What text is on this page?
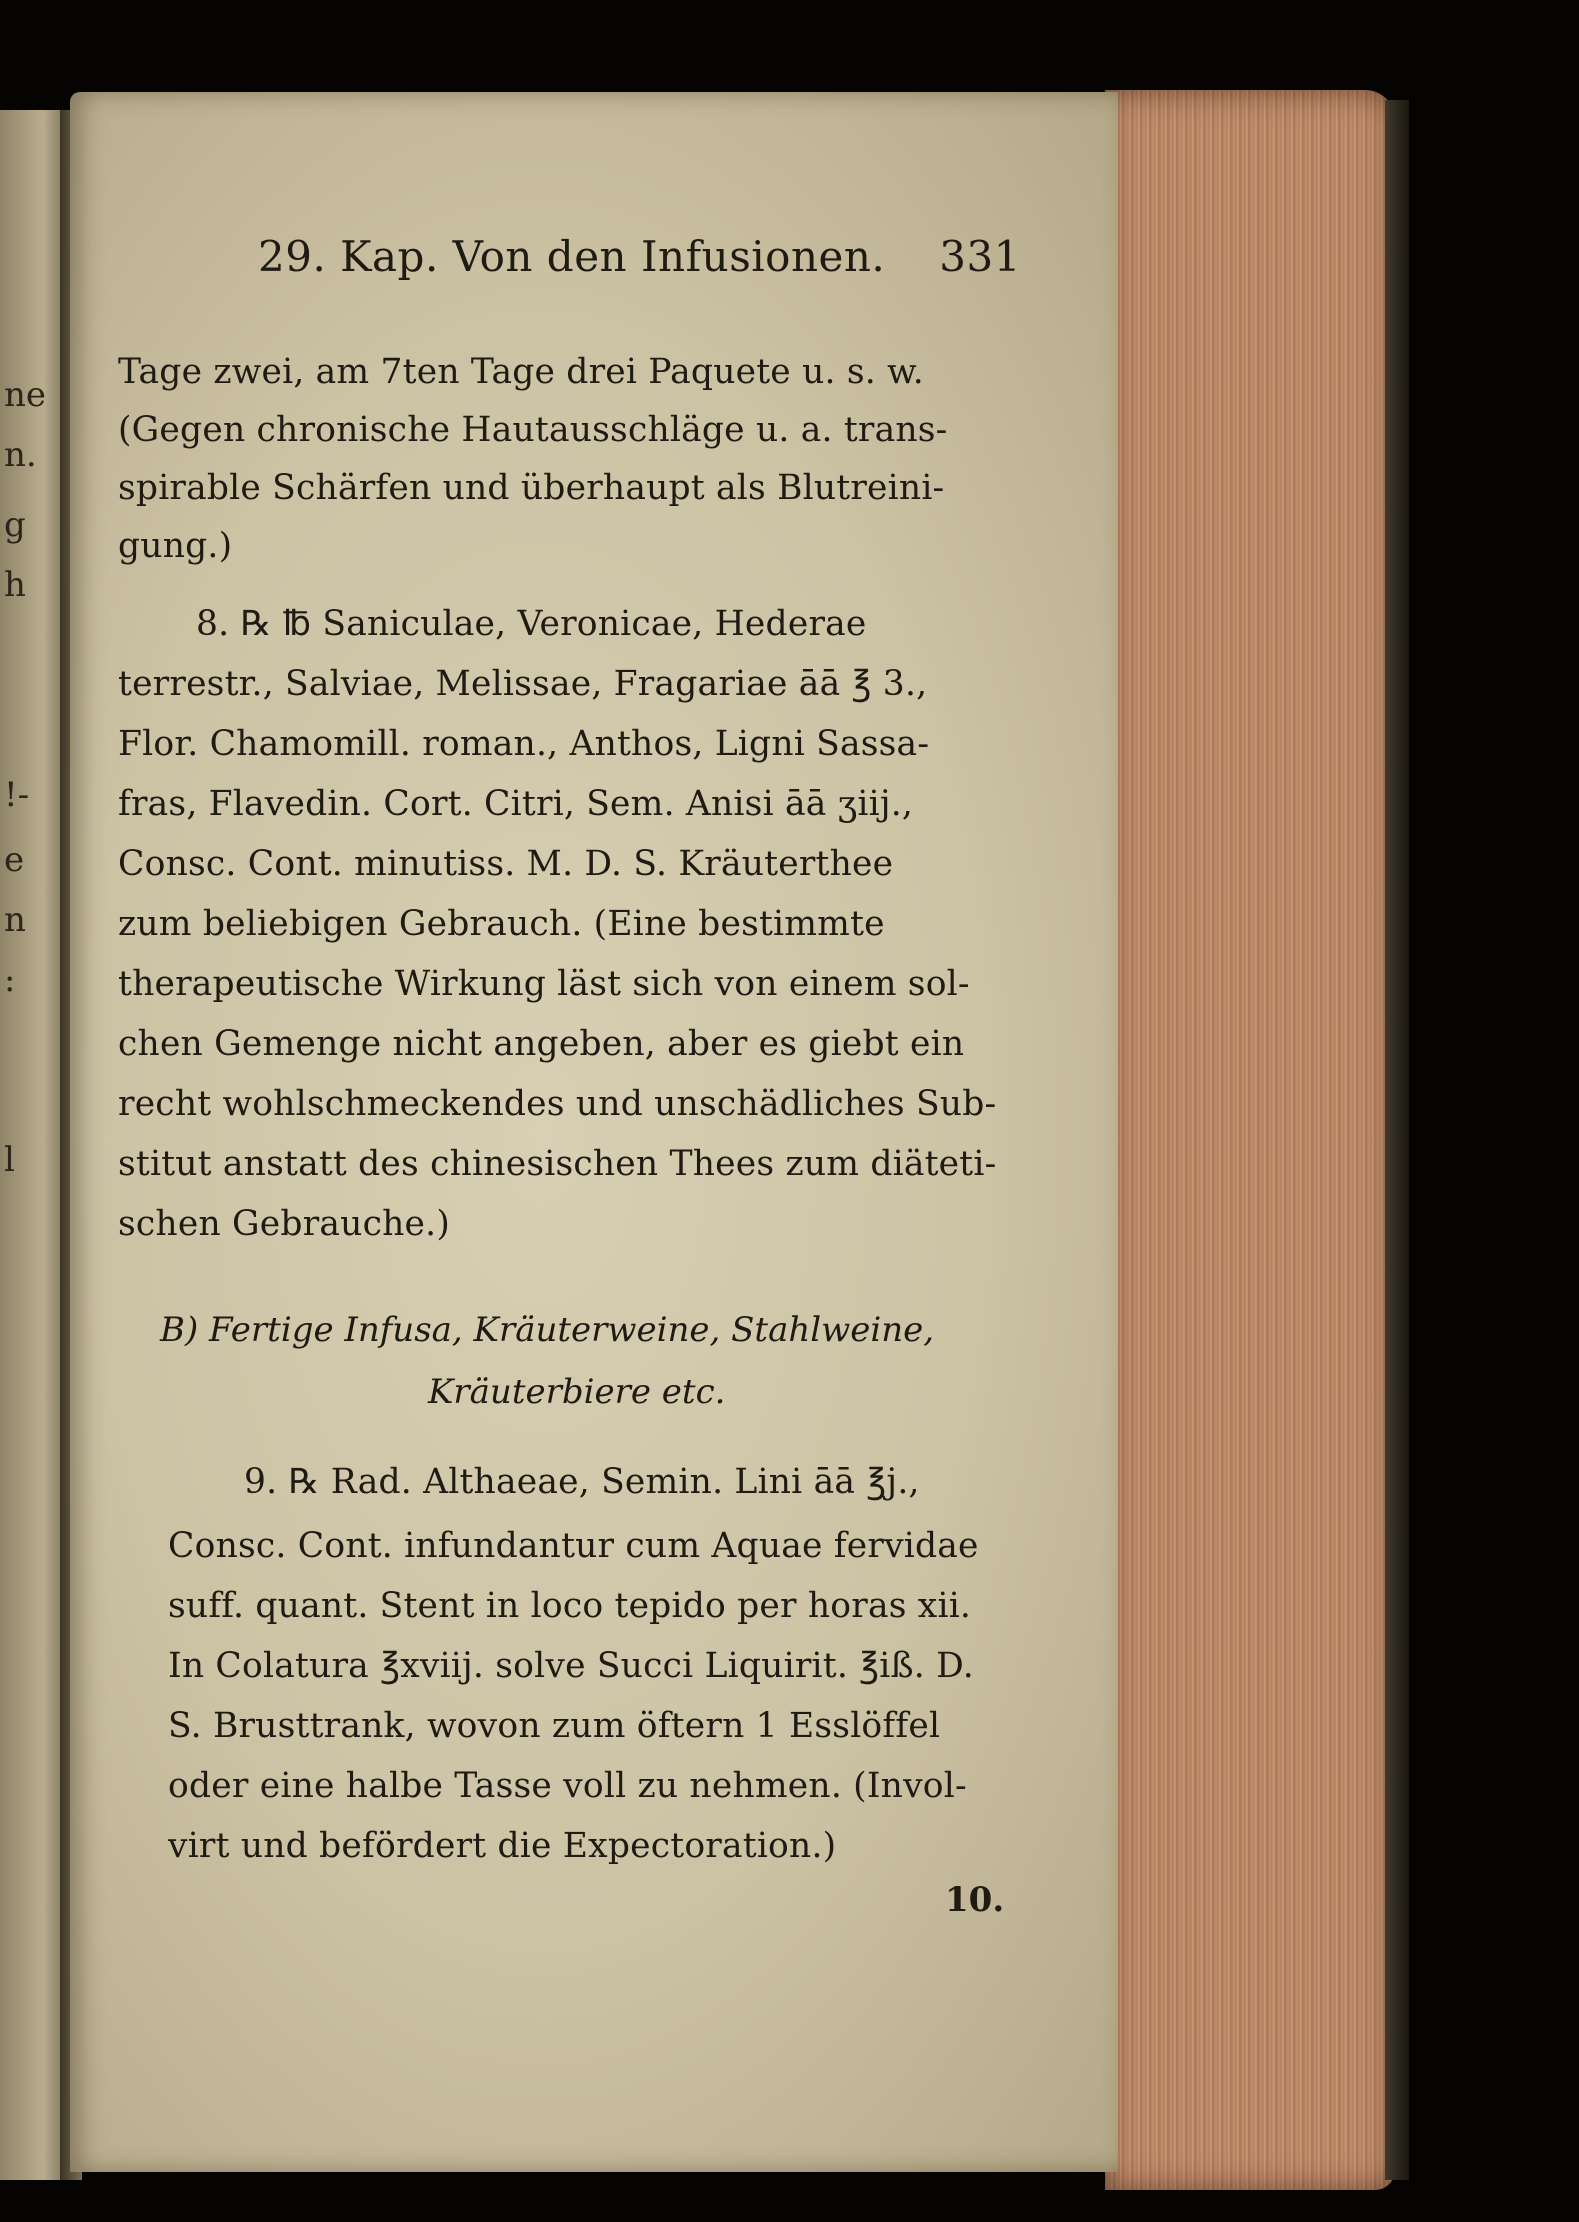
ne
n.
g
h
!-
e
n
:
l
29. Kap. Von den Infusionen. 331
Tage zwei, am 7ten Tage drei Paquete u. s. w.
(Gegen chronische Hautausschläge u. a. trans-
spirable Schärfen und überhaupt als Blutreini-
gung.)
8. ℞ ℔ Saniculae, Veronicae, Hederae
terrestr., Salviae, Melissae, Fragariae āā ℥ 3.,
Flor. Chamomill. roman., Anthos, Ligni Sassa-
fras, Flavedin. Cort. Citri, Sem. Anisi āā ʒiij.,
Consc. Cont. minutiss. M. D. S. Kräuterthee
zum beliebigen Gebrauch. (Eine bestimmte
therapeutische Wirkung läst sich von einem sol-
chen Gemenge nicht angeben, aber es giebt ein
recht wohlschmeckendes und unschädliches Sub-
stitut anstatt des chinesischen Thees zum diäteti-
schen Gebrauche.)
B) Fertige Infusa, Kräuterweine, Stahlweine,
Kräuterbiere etc.
9. ℞ Rad. Althaeae, Semin. Lini āā ℥j.,
Consc. Cont. infundantur cum Aquae fervidae
suff. quant. Stent in loco tepido per horas xii.
In Colatura ℥xviij. solve Succi Liquirit. ℥iß. D.
S. Brusttrank, wovon zum öftern 1 Esslöffel
oder eine halbe Tasse voll zu nehmen. (Invol-
virt und befördert die Expectoration.)
10.
